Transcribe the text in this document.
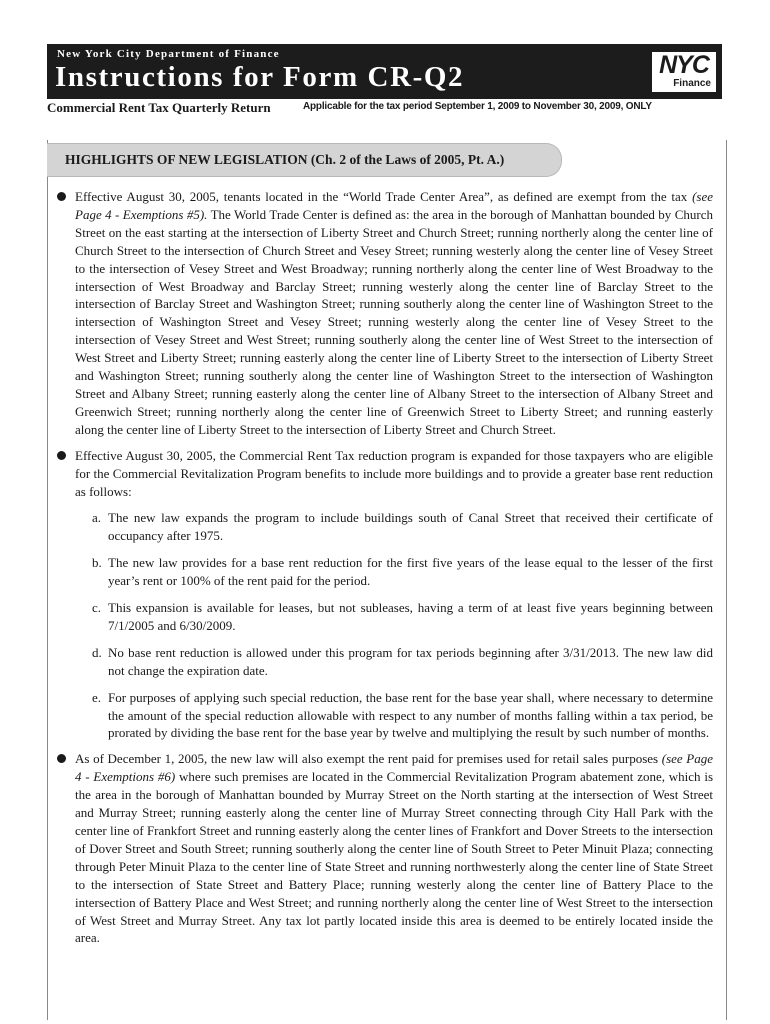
New York City Department of Finance
Instructions for Form CR-Q2	NYC
Finance
Commercial Rent Tax Quarterly Return	Applicable for the tax period September 1, 2009 to November 30, 2009, ONLY
HIGHLIGHTS OF NEW LEGISLATION (Ch. 2 of the Laws of 2005, Pt. A.)

Effective August 30, 2005, tenants located in the “World Trade Center Area”, as defined are exempt from the tax (see Page 4 - Exemptions #5). The World Trade Center is defined as: the area in the borough of Manhattan bounded by Church Street on the east starting at the intersection of Liberty Street and Church Street; running northerly along the center line of Church Street to the intersection of Church Street and Vesey Street; running westerly along the center line of Vesey Street to the intersection of Vesey Street and West Broadway; running northerly along the center line of West Broadway to the intersection of West Broadway and Barclay Street; running westerly along the center line of Barclay Street to the intersection of Barclay Street and Washington Street; running southerly along the center line of Washington Street to the intersection of Washington Street and Vesey Street; running westerly along the center line of Vesey Street to the intersection of Vesey Street and West Street; running southerly along the center line of West Street to the intersection of West Street and Liberty Street; running easterly along the center line of Liberty Street to the intersection of Liberty Street and Washington Street; running southerly along the center line of Washington Street to the intersection of Washington Street and Albany Street; running easterly along the center line of Albany Street to the intersection of Albany Street and Greenwich Street; running northerly along the center line of Greenwich Street to Liberty Street; and running easterly along the center line of Liberty Street to the intersection of Liberty Street and Church Street.

Effective August 30, 2005, the Commercial Rent Tax reduction program is expanded for those taxpayers who are eligible for the Commercial Revitalization Program benefits to include more buildings and to provide a greater base rent reduction as follows:

a. The new law expands the program to include buildings south of Canal Street that received their certificate of occupancy after 1975.

b. The new law provides for a base rent reduction for the first five years of the lease equal to the lesser of the first year’s rent or 100% of the rent paid for the period.

c. This expansion is available for leases, but not subleases, having a term of at least five years beginning between 7/1/2005 and 6/30/2009.

d. No base rent reduction is allowed under this program for tax periods beginning after 3/31/2013. The new law did not change the expiration date.

e. For purposes of applying such special reduction, the base rent for the base year shall, where necessary to determine the amount of the special reduction allowable with respect to any number of months falling within a tax period, be prorated by dividing the base rent for the base year by twelve and multiplying the result by such number of months.

As of December 1, 2005, the new law will also exempt the rent paid for premises used for retail sales purposes (see Page 4 - Exemptions #6) where such premises are located in the Commercial Revitalization Program abatement zone, which is the area in the borough of Manhattan bounded by Murray Street on the North starting at the intersection of West Street and Murray Street; running easterly along the center line of Murray Street connecting through City Hall Park with the center line of Frankfort Street and running easterly along the center lines of Frankfort and Dover Streets to the intersection of Dover Street and South Street; running southerly along the center line of South Street to Peter Minuit Plaza; connecting through Peter Minuit Plaza to the center line of State Street and running northwesterly along the center line of State Street to the intersection of State Street and Battery Place; running westerly along the center line of Battery Place to the intersection of Battery Place and West Street; and running northerly along the center line of West Street to the intersection of West Street and Murray Street. Any tax lot partly located inside this area is deemed to be entirely located inside the area.
